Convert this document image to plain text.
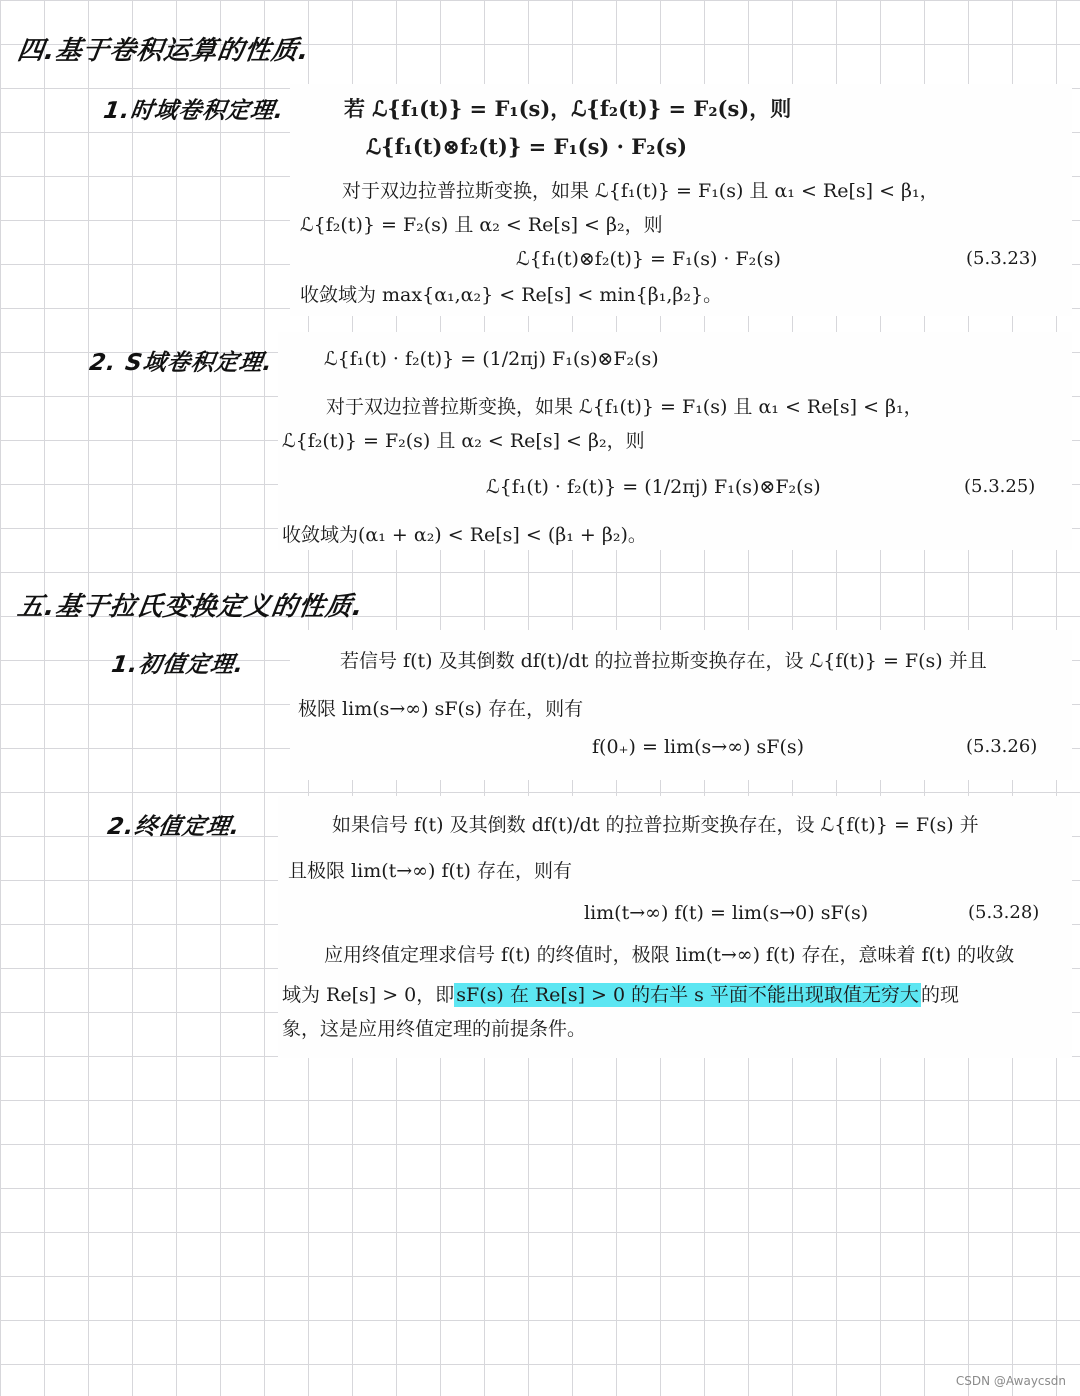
四.基于卷积运算的性质.
1.时域卷积定理.	若 ℒ{f₁(t)} = F₁(s)，ℒ{f₂(t)} = F₂(s)，则
ℒ{f₁(t)⊗f₂(t)} = F₁(s) · F₂(s)
对于双边拉普拉斯变换，如果 ℒ{f₁(t)} = F₁(s) 且 α₁ < Re[s] < β₁，
ℒ{f₂(t)} = F₂(s) 且 α₂ < Re[s] < β₂，则
ℒ{f₁(t)⊗f₂(t)} = F₁(s) · F₂(s)	(5.3.23)
收敛域为 max{α₁,α₂} < Re[s] < min{β₁,β₂}。
2. S域卷积定理.	ℒ{f₁(t) · f₂(t)} = (1/2πj) F₁(s)⊗F₂(s)
对于双边拉普拉斯变换，如果 ℒ{f₁(t)} = F₁(s) 且 α₁ < Re[s] < β₁，
ℒ{f₂(t)} = F₂(s) 且 α₂ < Re[s] < β₂，则
ℒ{f₁(t) · f₂(t)} = (1/2πj) F₁(s)⊗F₂(s)	(5.3.25)
收敛域为(α₁ + α₂) < Re[s] < (β₁ + β₂)。
五.基于拉氏变换定义的性质.
1.初值定理.	若信号 f(t) 及其倒数 df(t)/dt 的拉普拉斯变换存在，设 ℒ{f(t)} = F(s) 并且
极限 lim(s→∞) sF(s) 存在，则有
f(0₊) = lim(s→∞) sF(s)	(5.3.26)
2.终值定理.	如果信号 f(t) 及其倒数 df(t)/dt 的拉普拉斯变换存在，设 ℒ{f(t)} = F(s) 并
且极限 lim(t→∞) f(t) 存在，则有
lim(t→∞) f(t) = lim(s→0) sF(s)	(5.3.28)
应用终值定理求信号 f(t) 的终值时，极限 lim(t→∞) f(t) 存在，意味着 f(t) 的收敛
域为 Re[s] > 0，即 sF(s) 在 Re[s] > 0 的右半 s 平面不能出现取值无穷大 的现
象，这是应用终值定理的前提条件。
CSDN @Awaycsdn
